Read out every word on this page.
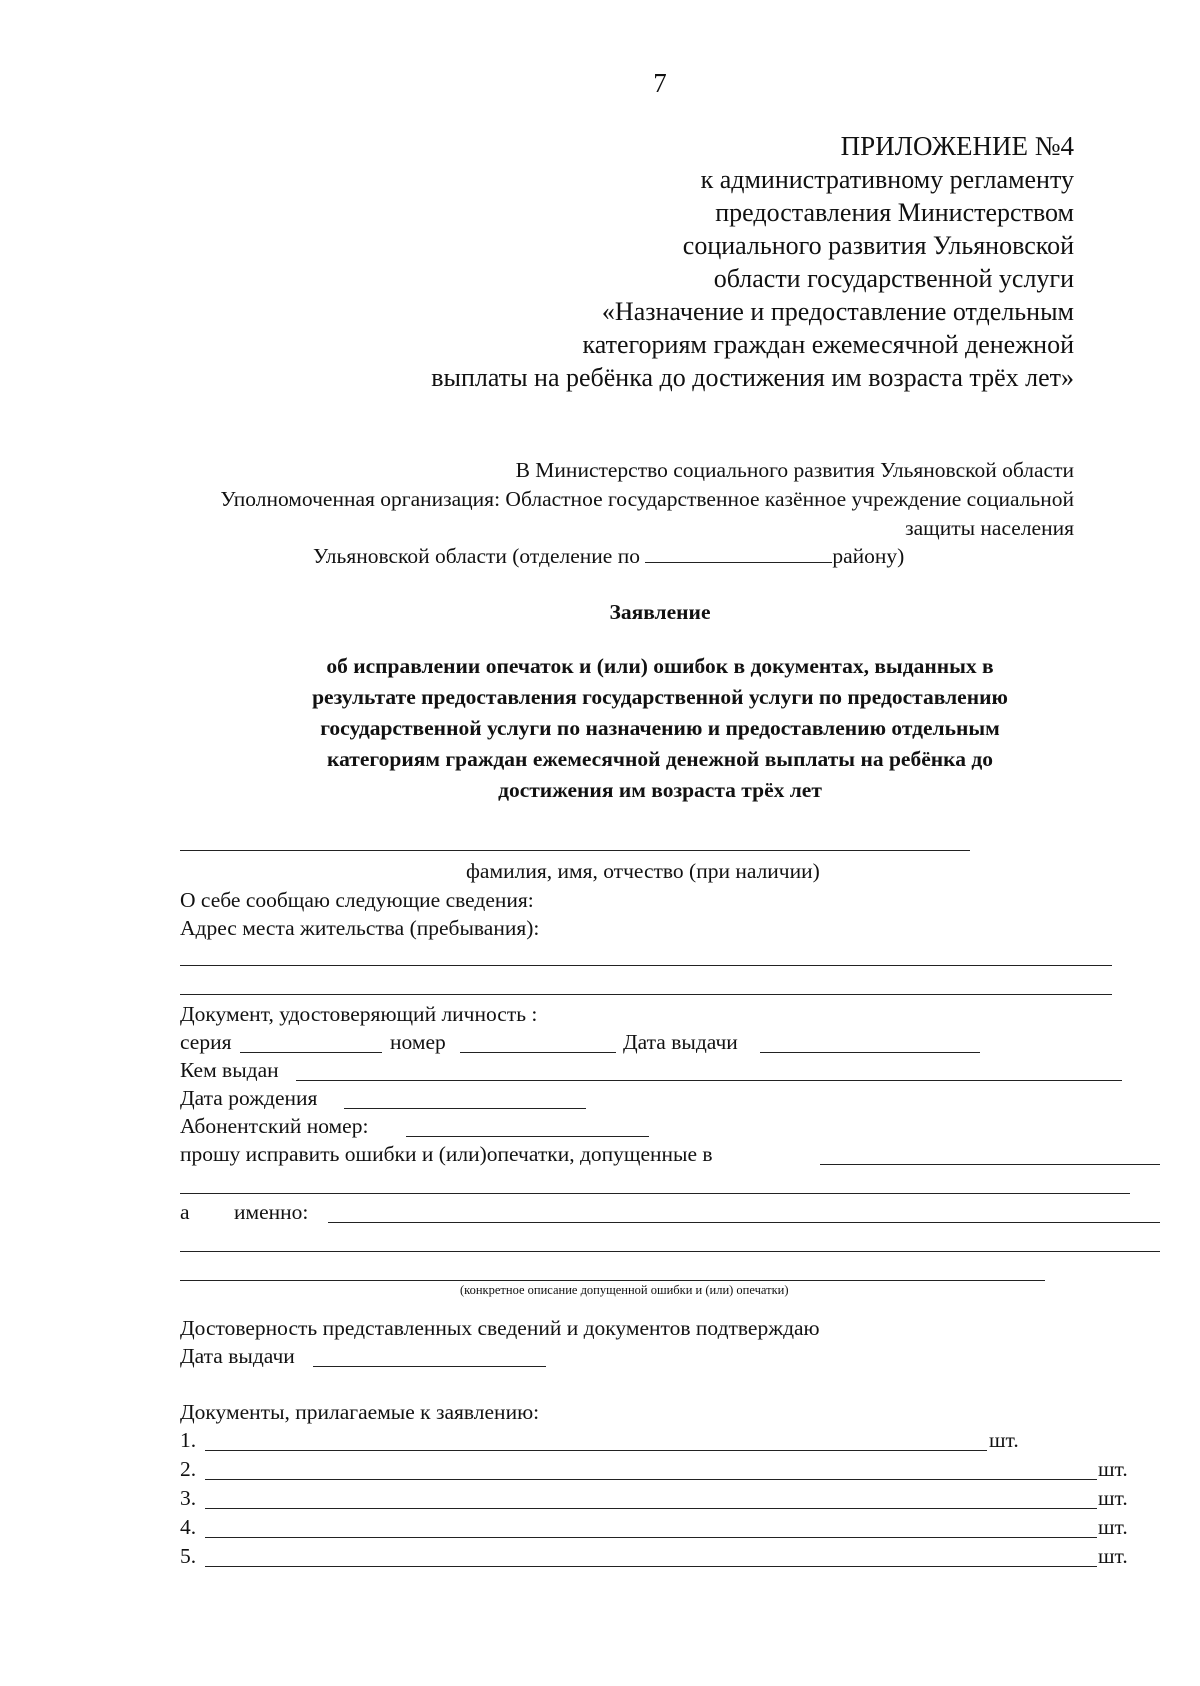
7
ПРИЛОЖЕНИЕ №4
к административному регламенту
предоставления Министерством
социального развития Ульяновской
области государственной услуги
«Назначение и предоставление отдельным
категориям граждан ежемесячной денежной
выплаты на ребёнка до достижения им возраста трёх лет»
В Министерство социального развития Ульяновской области
Уполномоченная организация: Областное государственное казённое учреждение социальной
защиты населения
Ульяновской области (отделение по	району)
Заявление
об исправлении опечаток и (или) ошибок в документах, выданных в
результате предоставления государственной услуги по предоставлению
государственной услуги по назначению и предоставлению отдельным
категориям граждан ежемесячной денежной выплаты на ребёнка до
достижения им возраста трёх лет
фамилия, имя, отчество (при наличии)
О себе сообщаю следующие сведения:
Адрес места жительства (пребывания):
Документ, удостоверяющий личность :
серия	номер	Дата выдачи
Кем выдан
Дата рождения
Абонентский номер:
прошу исправить ошибки и (или)опечатки, допущенные в
а именно:
(конкретное описание допущенной ошибки и (или) опечатки)
Достоверность представленных сведений и документов подтверждаю
Дата выдачи
Документы, прилагаемые к заявлению:
1.	шт.
2.	шт.
3.	шт.
4.	шт.
5.	шт.
